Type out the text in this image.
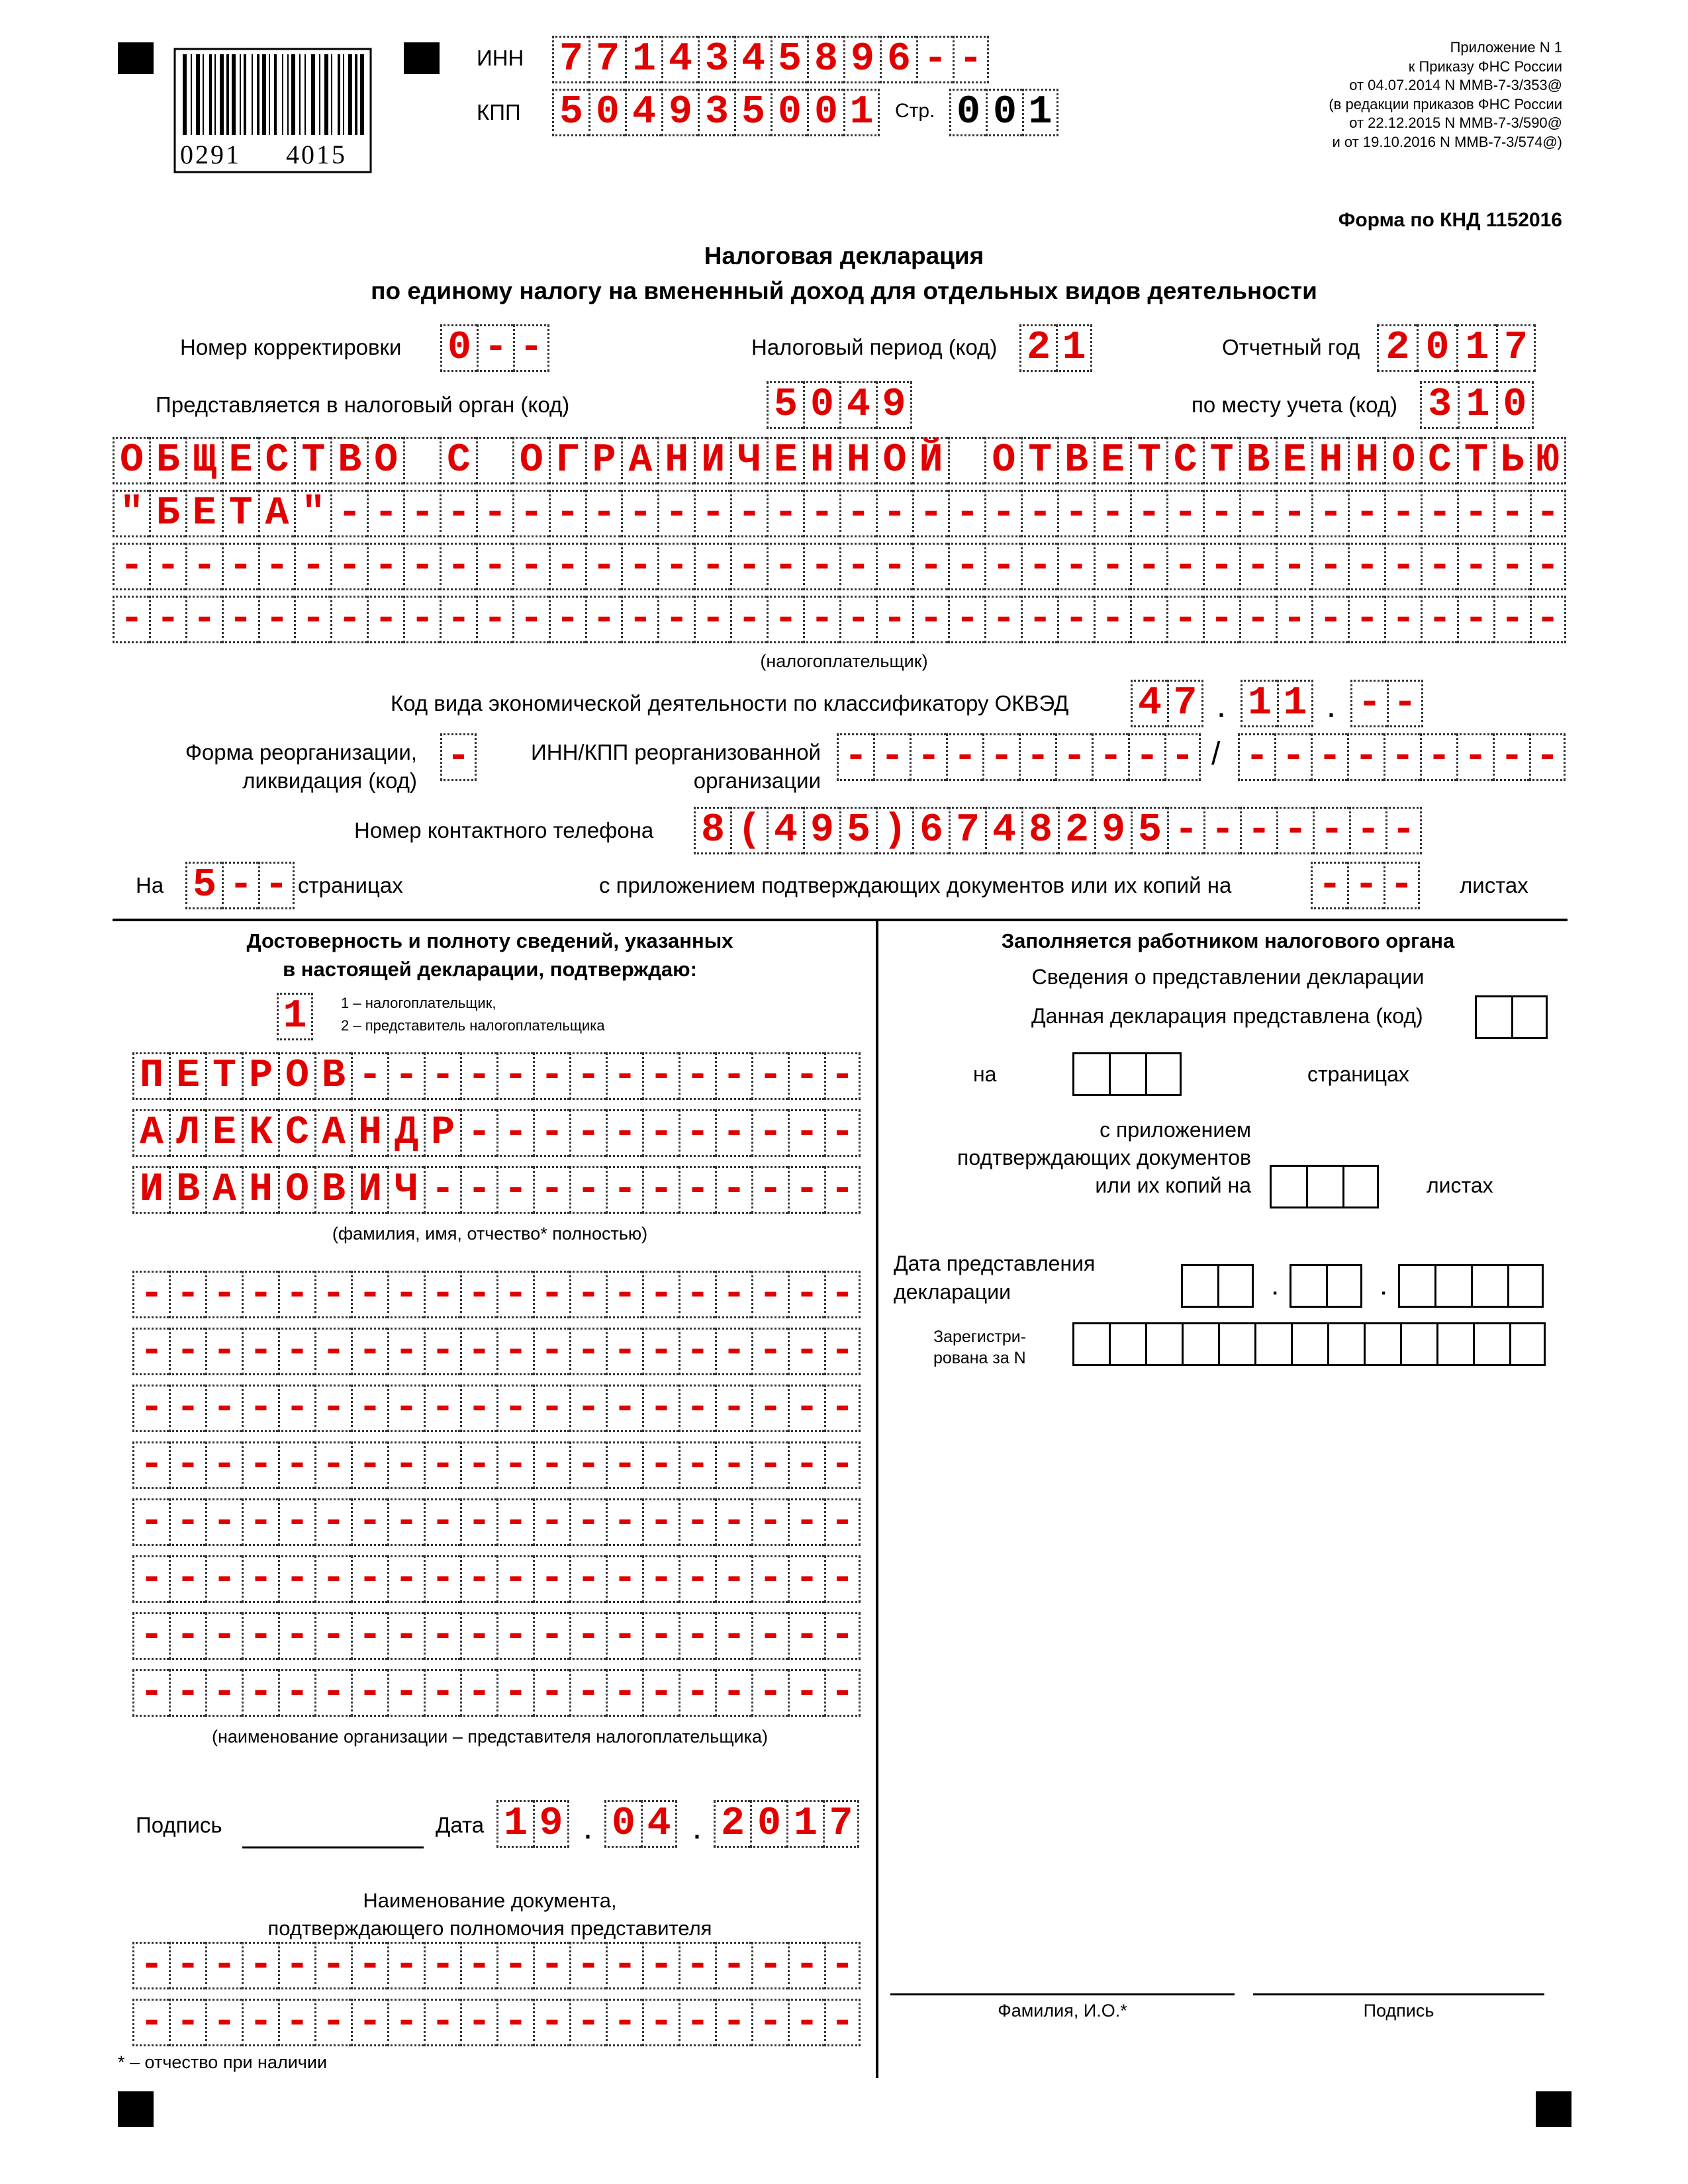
0291 4015
ИНН 7 7 1 4 3 4 5 8 9 6 - -
КПП 5 0 4 9 3 5 0 0 1	Стр. 0 0 1
Приложение N 1
к Приказу ФНС России
от 04.07.2014 N ММВ-7-3/353@
(в редакции приказов ФНС России
от 22.12.2015 N ММВ-7-3/590@
и от 19.10.2016 N ММВ-7-3/574@)
Форма по КНД 1152016
Налоговая декларация
по единому налогу на вмененный доход для отдельных видов деятельности
Номер корректировки 0 - -	Налоговый период (код) 2 1	Отчетный год 2 0 1 7
Представляется в налоговый орган (код)	5 0 4 9	по месту учета (код) 3 1 0
О Б Щ Е С Т В О С О Г Р А Н И Ч Е Н Н О Й О Т В Е Т С Т В Е Н Н О С Т Ь Ю
" Б Е Т А " - - - - - - - - - - - - - - - - - - - - - - - - - - - - - - - - - -
- - - - - - - - - - - - - - - - - - - - - - - - - - - - - - - - - - - - - - - -
- - - - - - - - - - - - - - - - - - - - - - - - - - - - - - - - - - - - - - - -
(налогоплательщик)
Код вида экономической деятельности по классификатору ОКВЭД 4 7 . 1 1 . - -
Форма реорганизации,
ликвидация (код)
-	ИНН/КПП реорганизованной
организации
- - - - - - - - - - / - - - - - - - - -
Номер контактного телефона 8 ( 4 9 5 ) 6 7 4 8 2 9 5 - - - - - - -
На 5 - - страницах	с приложением подтверждающих документов или их копий на - - - листах
Достоверность и полноту сведений, указанных
в настоящей декларации, подтверждаю:
1	1 – налогоплательщик,
2 – представитель налогоплательщика
П Е Т Р О В - - - - - - - - - - - - - -
А Л Е К С А Н Д Р - - - - - - - - - - -
И В А Н О В И Ч - - - - - - - - - - - -
(фамилия, имя, отчество* полностью)
- - - - - - - - - - - - - - - - - - - -
- - - - - - - - - - - - - - - - - - - -
- - - - - - - - - - - - - - - - - - - -
- - - - - - - - - - - - - - - - - - - -
- - - - - - - - - - - - - - - - - - - -
- - - - - - - - - - - - - - - - - - - -
- - - - - - - - - - - - - - - - - - - -
- - - - - - - - - - - - - - - - - - - -
(наименование организации – представителя налогоплательщика)
Подпись	Дата 1 9 . 0 4 . 2 0 1 7
Наименование документа,
подтверждающего полномочия представителя
- - - - - - - - - - - - - - - - - - - -
- - - - - - - - - - - - - - - - - - - -
* – отчество при наличии
Заполняется работником налогового органа
Сведения о представлении декларации
Данная декларация представлена (код)
на	страницах
с приложением
подтверждающих документов
или их копий на	листах
Дата представления
декларации	.	.
Зарегистри-
рована за N
Фамилия, И.О.*	Подпись
